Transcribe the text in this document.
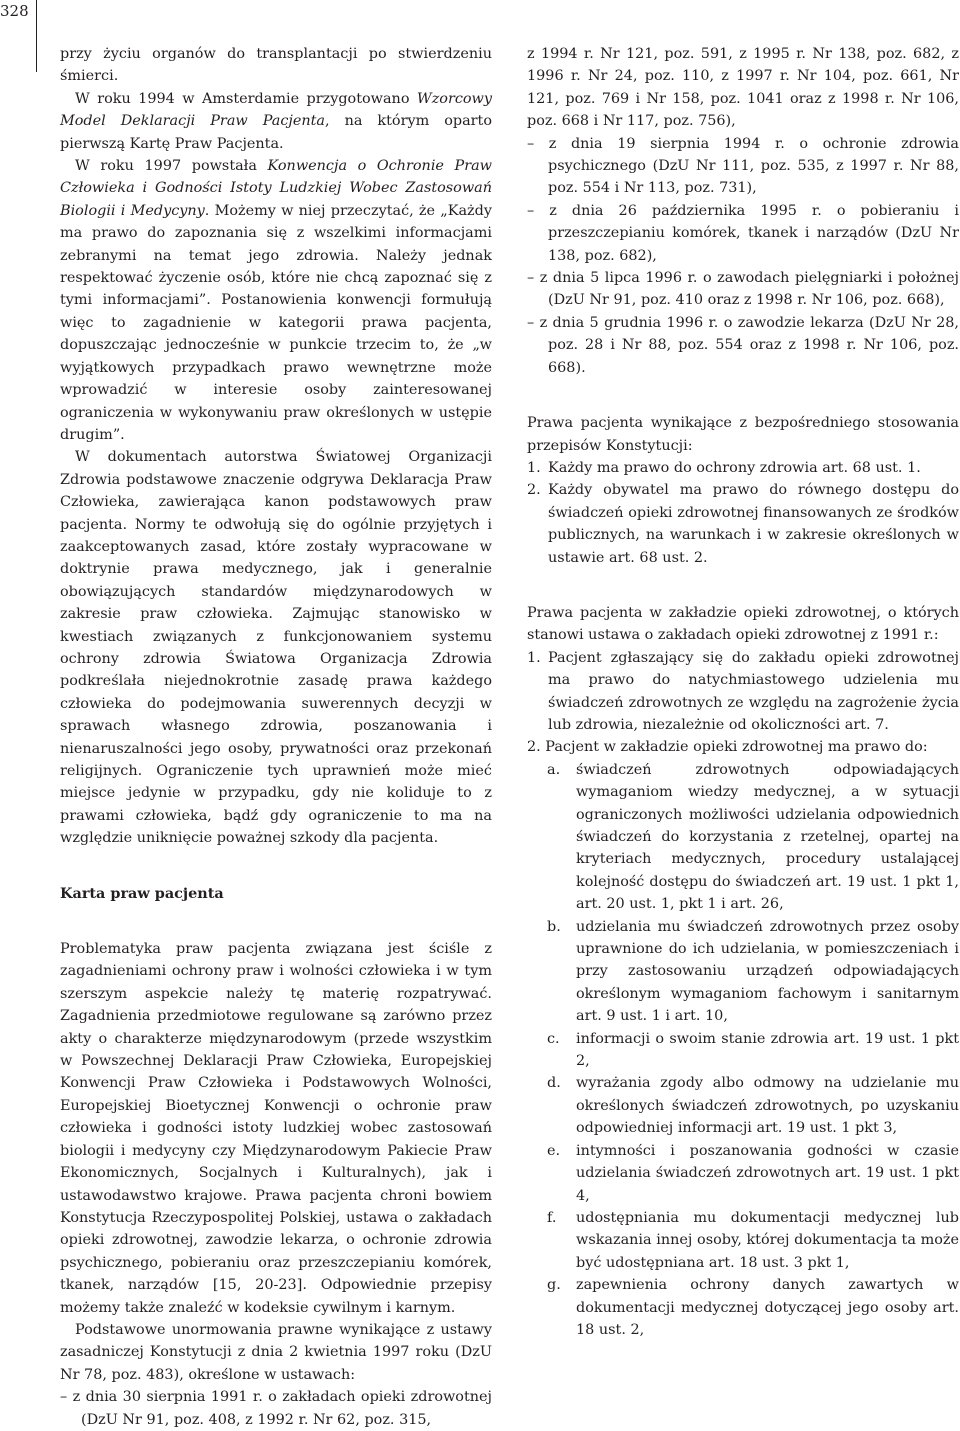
328

przy życiu organów do transplantacji po stwierdzeniu śmierci.

W roku 1994 w Amsterdamie przygotowano Wzorcowy Model Deklaracji Praw Pacjenta, na którym oparto pierwszą Kartę Praw Pacjenta.

W roku 1997 powstała Konwencja o Ochronie Praw Człowieka i Godności Istoty Ludzkiej Wobec Zastosowań Biologii i Medycyny. Możemy w niej przeczytać, że „Każdy ma prawo do zapoznania się z wszelkimi informacjami zebranymi na temat jego zdrowia. Należy jednak respektować życzenie osób, które nie chcą zapoznać się z tymi informacjami”. Postanowienia konwencji formułują więc to zagadnienie w kategorii prawa pacjenta, dopuszczając jednocześnie w punkcie trzecim to, że „w wyjątkowych przypadkach prawo wewnętrzne może wprowadzić w interesie osoby zainteresowanej ograniczenia w wykonywaniu praw określonych w ustępie drugim”.

W dokumentach autorstwa Światowej Organizacji Zdrowia podstawowe znaczenie odgrywa Deklaracja Praw Człowieka, zawierająca kanon podstawowych praw pacjenta. Normy te odwołują się do ogólnie przyjętych i zaakceptowanych zasad, które zostały wypracowane w doktrynie prawa medycznego, jak i generalnie obowiązujących standardów międzynarodowych w zakresie praw człowieka. Zajmując stanowisko w kwestiach związanych z funkcjonowaniem systemu ochrony zdrowia Światowa Organizacja Zdrowia podkreślała niejednokrotnie zasadę prawa każdego człowieka do podejmowania suwerennych decyzji w sprawach własnego zdrowia, poszanowania i nienaruszalności jego osoby, prywatności oraz przekonań religijnych. Ograniczenie tych uprawnień może mieć miejsce jedynie w przypadku, gdy nie koliduje to z prawami człowieka, bądź gdy ograniczenie to ma na względzie uniknięcie poważnej szkody dla pacjenta.

Karta praw pacjenta

Problematyka praw pacjenta związana jest ściśle z zagadnieniami ochrony praw i wolności człowieka i w tym szerszym aspekcie należy tę materię rozpatrywać. Zagadnienia przedmiotowe regulowane są zarówno przez akty o charakterze międzynarodowym (przede wszystkim w Powszechnej Deklaracji Praw Człowieka, Europejskiej Konwencji Praw Człowieka i Podstawowych Wolności, Europejskiej Bioetycznej Konwencji o ochronie praw człowieka i godności istoty ludzkiej wobec zastosowań biologii i medycyny czy Międzynarodowym Pakiecie Praw Ekonomicznych, Socjalnych i Kulturalnych), jak i ustawodawstwo krajowe. Prawa pacjenta chroni bowiem Konstytucja Rzeczypospolitej Polskiej, ustawa o zakładach opieki zdrowotnej, zawodzie lekarza, o ochronie zdrowia psychicznego, pobieraniu oraz przeszczepianiu komórek, tkanek, narządów [15, 20-23]. Odpowiednie przepisy możemy także znaleźć w kodeksie cywilnym i karnym.

Podstawowe unormowania prawne wynikające z ustawy zasadniczej Konstytucji z dnia 2 kwietnia 1997 roku (DzU Nr 78, poz. 483), określone w ustawach:

– z dnia 30 sierpnia 1991 r. o zakładach opieki zdrowotnej (DzU Nr 91, poz. 408, z 1992 r. Nr 62, poz. 315,

z 1994 r. Nr 121, poz. 591, z 1995 r. Nr 138, poz. 682, z 1996 r. Nr 24, poz. 110, z 1997 r. Nr 104, poz. 661, Nr 121, poz. 769 i Nr 158, poz. 1041 oraz z 1998 r. Nr 106, poz. 668 i Nr 117, poz. 756),

– z dnia 19 sierpnia 1994 r. o ochronie zdrowia psychicznego (DzU Nr 111, poz. 535, z 1997 r. Nr 88, poz. 554 i Nr 113, poz. 731),

– z dnia 26 października 1995 r. o pobieraniu i przeszczepianiu komórek, tkanek i narządów (DzU Nr 138, poz. 682),

– z dnia 5 lipca 1996 r. o zawodach pielęgniarki i położnej (DzU Nr 91, poz. 410 oraz z 1998 r. Nr 106, poz. 668),

– z dnia 5 grudnia 1996 r. o zawodzie lekarza (DzU Nr 28, poz. 28 i Nr 88, poz. 554 oraz z 1998 r. Nr 106, poz. 668).

Prawa pacjenta wynikające z bezpośredniego stosowania przepisów Konstytucji:

1. Każdy ma prawo do ochrony zdrowia art. 68 ust. 1.
2. Każdy obywatel ma prawo do równego dostępu do świadczeń opieki zdrowotnej finansowanych ze środków publicznych, na warunkach i w zakresie określonych w ustawie art. 68 ust. 2.

Prawa pacjenta w zakładzie opieki zdrowotnej, o których stanowi ustawa o zakładach opieki zdrowotnej z 1991 r.:

1. Pacjent zgłaszający się do zakładu opieki zdrowotnej ma prawo do natychmiastowego udzielenia mu świadczeń zdrowotnych ze względu na zagrożenie życia lub zdrowia, niezależnie od okoliczności art. 7.

2. Pacjent w zakładzie opieki zdrowotnej ma prawo do:

a.	świadczeń zdrowotnych odpowiadających wymaganiom wiedzy medycznej, a w sytuacji ograniczonych możliwości udzielania odpowiednich świadczeń do korzystania z rzetelnej, opartej na kryteriach medycznych, procedury ustalającej kolejność dostępu do świadczeń art. 19 ust. 1 pkt 1, art. 20 ust. 1, pkt 1 i art. 26,
b.	udzielania mu świadczeń zdrowotnych przez osoby uprawnione do ich udzielania, w pomieszczeniach i przy zastosowaniu urządzeń odpowiadających określonym wymaganiom fachowym i sanitarnym art. 9 ust. 1 i art. 10,
c.	informacji o swoim stanie zdrowia art. 19 ust. 1 pkt 2,
d.	wyrażania zgody albo odmowy na udzielanie mu określonych świadczeń zdrowotnych, po uzyskaniu odpowiedniej informacji art. 19 ust. 1 pkt 3,
e.	intymności i poszanowania godności w czasie udzielania świadczeń zdrowotnych art. 19 ust. 1 pkt 4,
f.	udostępniania mu dokumentacji medycznej lub wskazania innej osoby, której dokumentacja ta może być udostępniana art. 18 ust. 3 pkt 1,
g.	zapewnienia ochrony danych zawartych w dokumentacji medycznej dotyczącej jego osoby art. 18 ust. 2,
